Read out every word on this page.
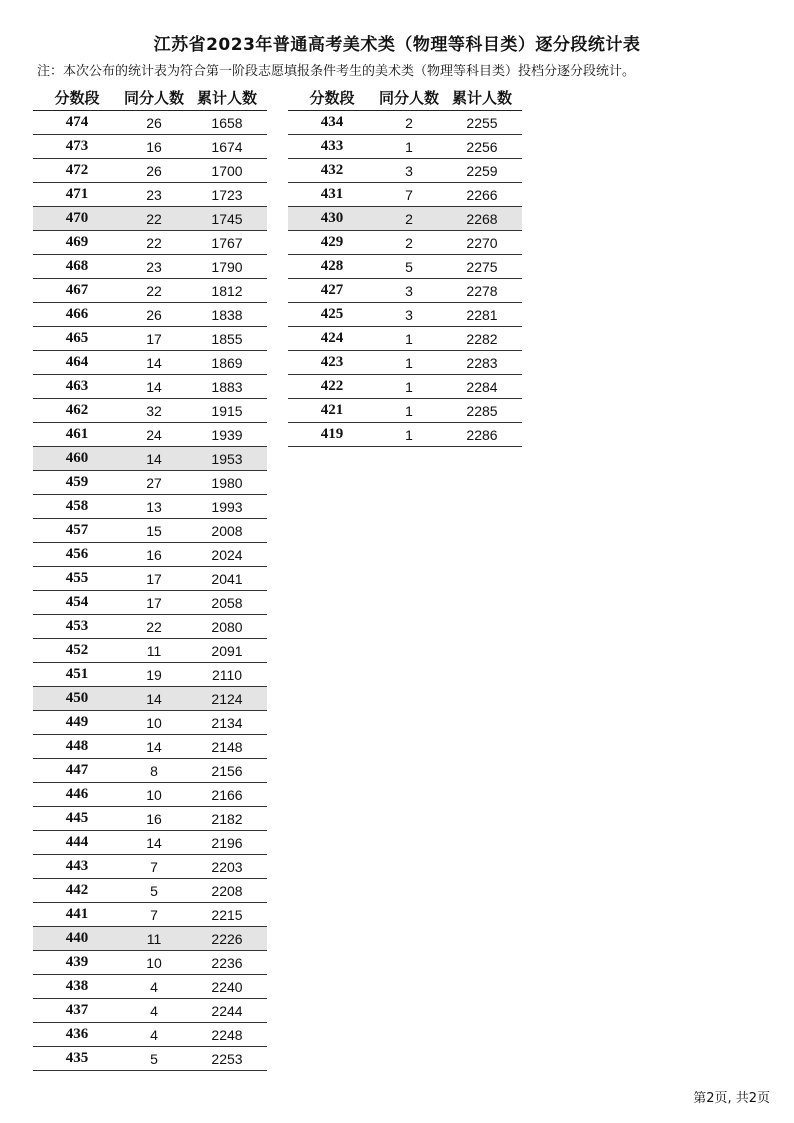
江苏省2023年普通高考美术类（物理等科目类）逐分段统计表
注：本次公布的统计表为符合第一阶段志愿填报条件考生的美术类（物理等科目类）投档分逐分段统计。
分数段	同分人数	累计人数
474	26	1658
473	16	1674
472	26	1700
471	23	1723
470	22	1745
469	22	1767
468	23	1790
467	22	1812
466	26	1838
465	17	1855
464	14	1869
463	14	1883
462	32	1915
461	24	1939
460	14	1953
459	27	1980
458	13	1993
457	15	2008
456	16	2024
455	17	2041
454	17	2058
453	22	2080
452	11	2091
451	19	2110
450	14	2124
449	10	2134
448	14	2148
447	8	2156
446	10	2166
445	16	2182
444	14	2196
443	7	2203
442	5	2208
441	7	2215
440	11	2226
439	10	2236
438	4	2240
437	4	2244
436	4	2248
435	5	2253
分数段	同分人数	累计人数
434	2	2255
433	1	2256
432	3	2259
431	7	2266
430	2	2268
429	2	2270
428	5	2275
427	3	2278
425	3	2281
424	1	2282
423	1	2283
422	1	2284
421	1	2285
419	1	2286
第2页, 共2页
